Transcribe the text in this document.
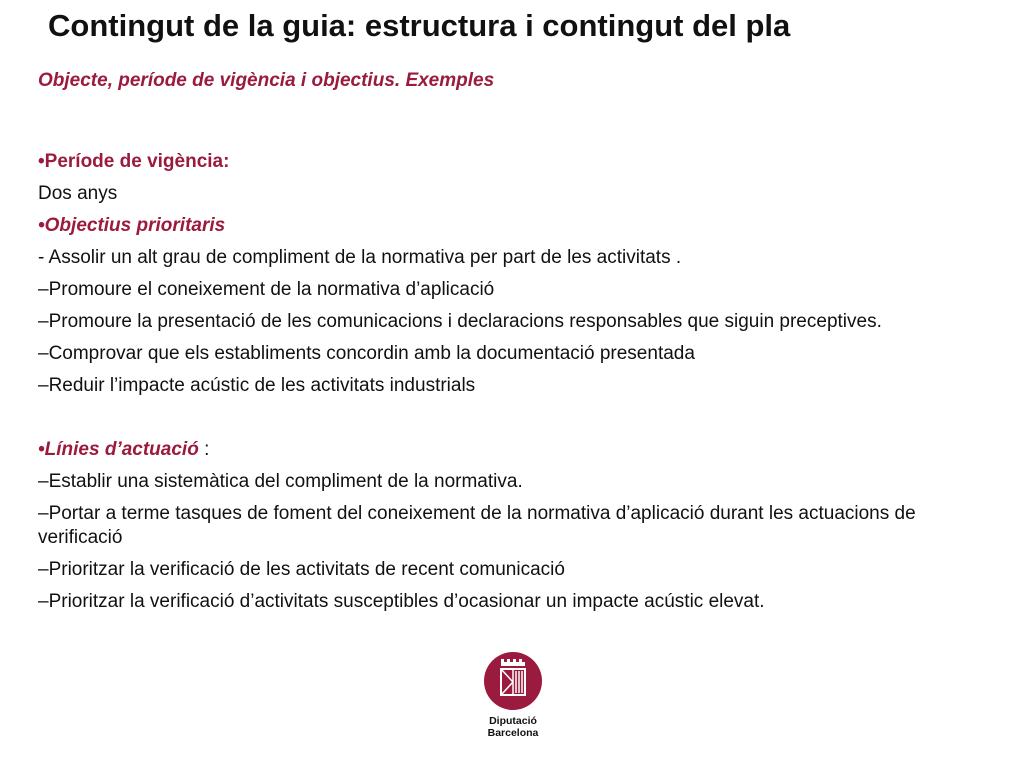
Contingut de la guia: estructura i contingut del pla

Objecte, període de vigència i objectius. Exemples

•Període de vigència:

Dos anys

•Objectius prioritaris

- Assolir un alt grau de compliment de la normativa per part de les activitats .

–Promoure el coneixement de la normativa d’aplicació

–Promoure la presentació de les comunicacions i declaracions responsables que siguin preceptives.

–Comprovar que els establiments concordin amb la documentació presentada

–Reduir l’impacte acústic de les activitats industrials

•Línies d’actuació :

–Establir una sistemàtica del compliment de la normativa.

–Portar a terme tasques de foment del coneixement de la normativa d’aplicació durant les actuacions de verificació

–Prioritzar la verificació de les activitats de recent comunicació

–Prioritzar la verificació d’activitats susceptibles d’ocasionar un impacte acústic elevat.

Diputació
Barcelona
